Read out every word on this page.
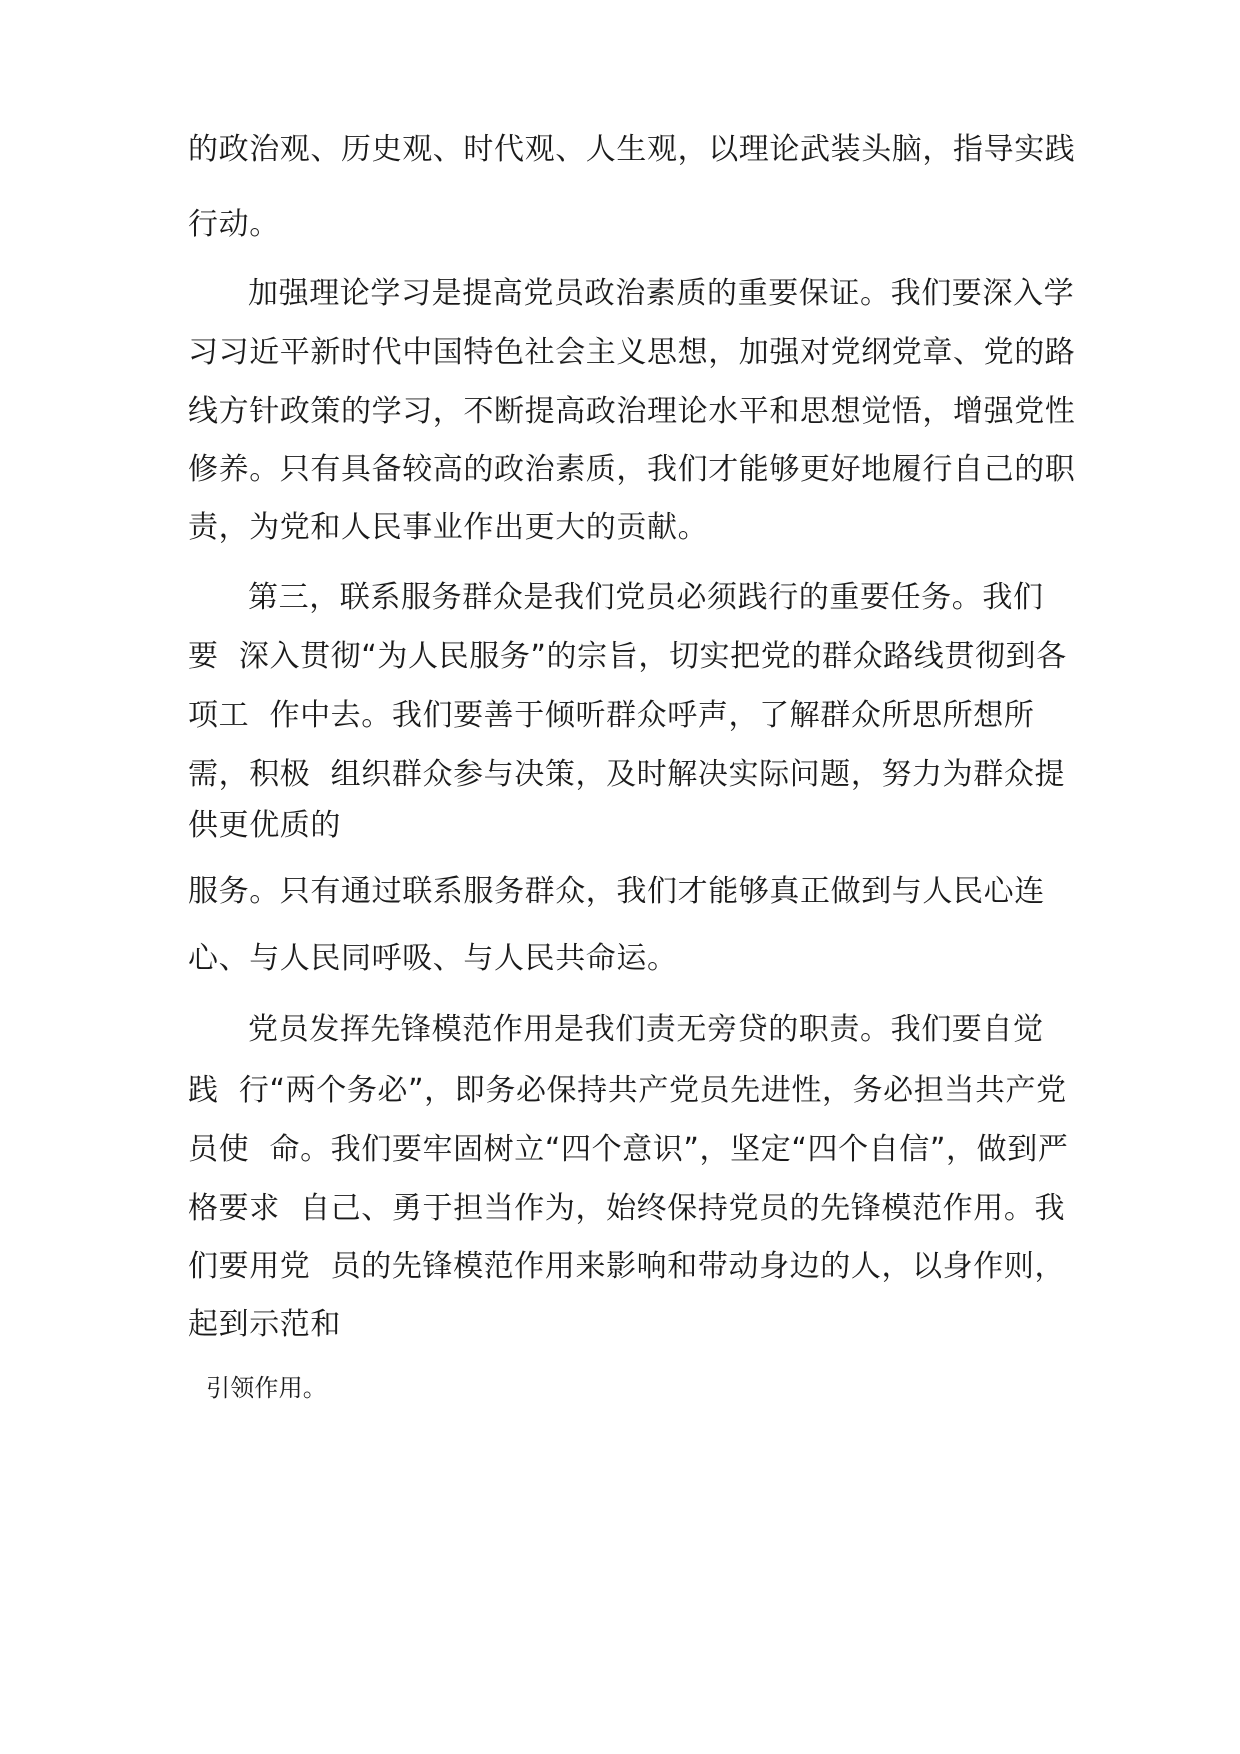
的政治观、历史观、时代观、人生观，以理论武装头脑，指导实践
行动。
加强理论学习是提高党员政治素质的重要保证。我们要深入学
习习近平新时代中国特色社会主义思想，加强对党纲党章、党的路
线方针政策的学习，不断提高政治理论水平和思想觉悟，增强党性
修养。只有具备较高的政治素质，我们才能够更好地履行自己的职
责，为党和人民事业作出更大的贡献。
第三，联系服务群众是我们党员必须践行的重要任务。我们
要  深入贯彻“为人民服务”的宗旨，切实把党的群众路线贯彻到各
项工  作中去。我们要善于倾听群众呼声，了解群众所思所想所
需，积极  组织群众参与决策，及时解决实际问题，努力为群众提
供更优质的
服务。只有通过联系服务群众，我们才能够真正做到与人民心连
心、与人民同呼吸、与人民共命运。
党员发挥先锋模范作用是我们责无旁贷的职责。我们要自觉
践  行“两个务必”，即务必保持共产党员先进性，务必担当共产党
员使  命。我们要牢固树立“四个意识”，坚定“四个自信”，做到严
格要求  自己、勇于担当作为，始终保持党员的先锋模范作用。我
们要用党  员的先锋模范作用来影响和带动身边的人，以身作则，
起到示范和
引领作用。
